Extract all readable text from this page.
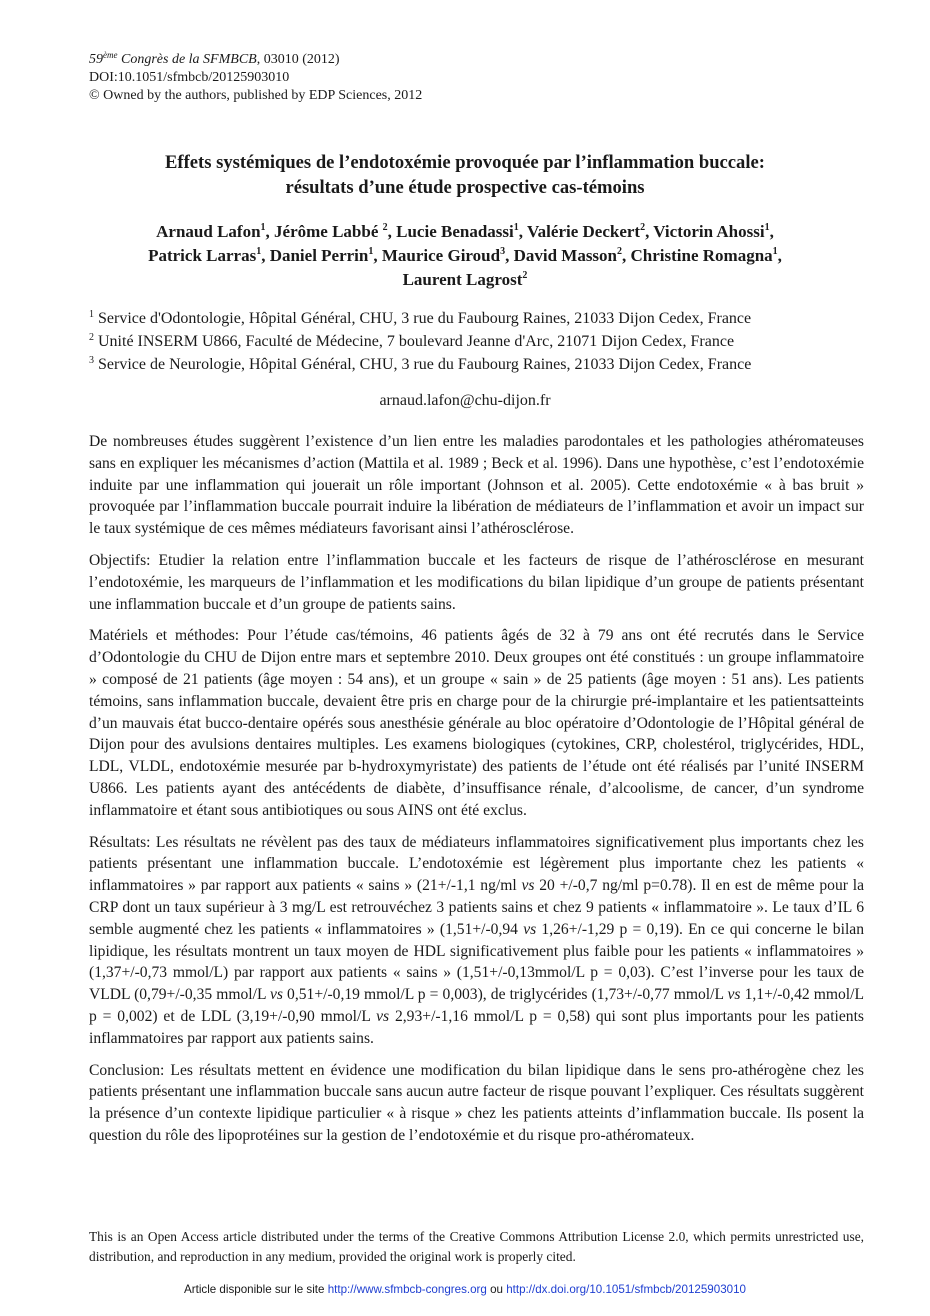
59ème Congrès de la SFMBCB, 03010 (2012)
DOI:10.1051/sfmbcb/20125903010
© Owned by the authors, published by EDP Sciences, 2012
Effets systémiques de l’endotoxémie provoquée par l’inflammation buccale:
résultats d’une étude prospective cas-témoins
Arnaud Lafon$^1$, Jérôme Labbé $^2$, Lucie Benadassi$^1$, Valérie Deckert$^2$, Victorin Ahossi$^1$,
Patrick Larras$^1$, Daniel Perrin$^1$, Maurice Giroud$^3$, David Masson$^2$, Christine Romagna$^1$,
Laurent Lagrost$^2$
$^1$ Service d'Odontologie, Hôpital Général, CHU, 3 rue du Faubourg Raines, 21033 Dijon Cedex, France
$^2$ Unité INSERM U866, Faculté de Médecine, 7 boulevard Jeanne d'Arc, 21071 Dijon Cedex, France
$^3$ Service de Neurologie, Hôpital Général, CHU, 3 rue du Faubourg Raines, 21033 Dijon Cedex, France
arnaud.lafon@chu-dijon.fr

De nombreuses études suggèrent l’existence d’un lien entre les maladies parodontales et les pathologies athéromateuses sans en expliquer les mécanismes d’action (Mattila et al. 1989 ; Beck et al. 1996). Dans une hypothèse, c’est l’endotoxémie induite par une inflammation qui jouerait un rôle important (Johnson et al. 2005). Cette endotoxémie « à bas bruit » provoquée par l’inflammation buccale pourrait induire la libération de médiateurs de l’inflammation et avoir un impact sur le taux systémique de ces mêmes médiateurs favorisant ainsi l’athérosclérose.

Objectifs: Etudier la relation entre l’inflammation buccale et les facteurs de risque de l’athérosclérose en mesurant l’endotoxémie, les marqueurs de l’inflammation et les modifications du bilan lipidique d’un groupe de patients présentant une inflammation buccale et d’un groupe de patients sains.

Matériels et méthodes: Pour l’étude cas/témoins, 46 patients âgés de 32 à 79 ans ont été recrutés dans le Service d’Odontologie du CHU de Dijon entre mars et septembre 2010. Deux groupes ont été constitués : un groupe inflammatoire » composé de 21 patients (âge moyen : 54 ans), et un groupe « sain » de 25 patients (âge moyen : 51 ans). Les patients témoins, sans inflammation buccale, devaient être pris en charge pour de la chirurgie pré-implantaire et les patientsatteints d’un mauvais état bucco-dentaire opérés sous anesthésie générale au bloc opératoire d’Odontologie de l’Hôpital général de Dijon pour des avulsions dentaires multiples. Les examens biologiques (cytokines, CRP, cholestérol, triglycérides, HDL, LDL, VLDL, endotoxémie mesurée par b-hydroxymyristate) des patients de l’étude ont été réalisés par l’unité INSERM U866. Les patients ayant des antécédents de diabète, d’insuffisance rénale, d’alcoolisme, de cancer, d’un syndrome inflammatoire et étant sous antibiotiques ou sous AINS ont été exclus.

Résultats: Les résultats ne révèlent pas des taux de médiateurs inflammatoires significativement plus importants chez les patients présentant une inflammation buccale. L’endotoxémie est légèrement plus importante chez les patients « inflammatoires » par rapport aux patients « sains » (21+/-1,1 ng/ml vs 20 +/-0,7 ng/ml p=0.78). Il en est de même pour la CRP dont un taux supérieur à 3 mg/L est retrouvéchez 3 patients sains et chez 9 patients « inflammatoire ». Le taux d’IL 6 semble augmenté chez les patients « inflammatoires » (1,51+/-0,94 vs 1,26+/-1,29 p = 0,19). En ce qui concerne le bilan lipidique, les résultats montrent un taux moyen de HDL significativement plus faible pour les patients « inflammatoires » (1,37+/-0,73 mmol/L) par rapport aux patients « sains » (1,51+/-0,13mmol/L p = 0,03). C’est l’inverse pour les taux de VLDL (0,79+/-0,35 mmol/L vs 0,51+/-0,19 mmol/L p = 0,003), de triglycérides (1,73+/-0,77 mmol/L vs 1,1+/-0,42 mmol/L p = 0,002) et de LDL (3,19+/-0,90 mmol/L vs 2,93+/-1,16 mmol/L p = 0,58) qui sont plus importants pour les patients inflammatoires par rapport aux patients sains.

Conclusion: Les résultats mettent en évidence une modification du bilan lipidique dans le sens pro-athérogène chez les patients présentant une inflammation buccale sans aucun autre facteur de risque pouvant l’expliquer. Ces résultats suggèrent la présence d’un contexte lipidique particulier « à risque » chez les patients atteints d’inflammation buccale. Ils posent la question du rôle des lipoprotéines sur la gestion de l’endotoxémie et du risque pro-athéromateux.

This is an Open Access article distributed under the terms of the Creative Commons Attribution License 2.0, which permits unrestricted use, distribution, and reproduction in any medium, provided the original work is properly cited.
Article disponible sur le site http://www.sfmbcb-congres.org ou http://dx.doi.org/10.1051/sfmbcb/20125903010
